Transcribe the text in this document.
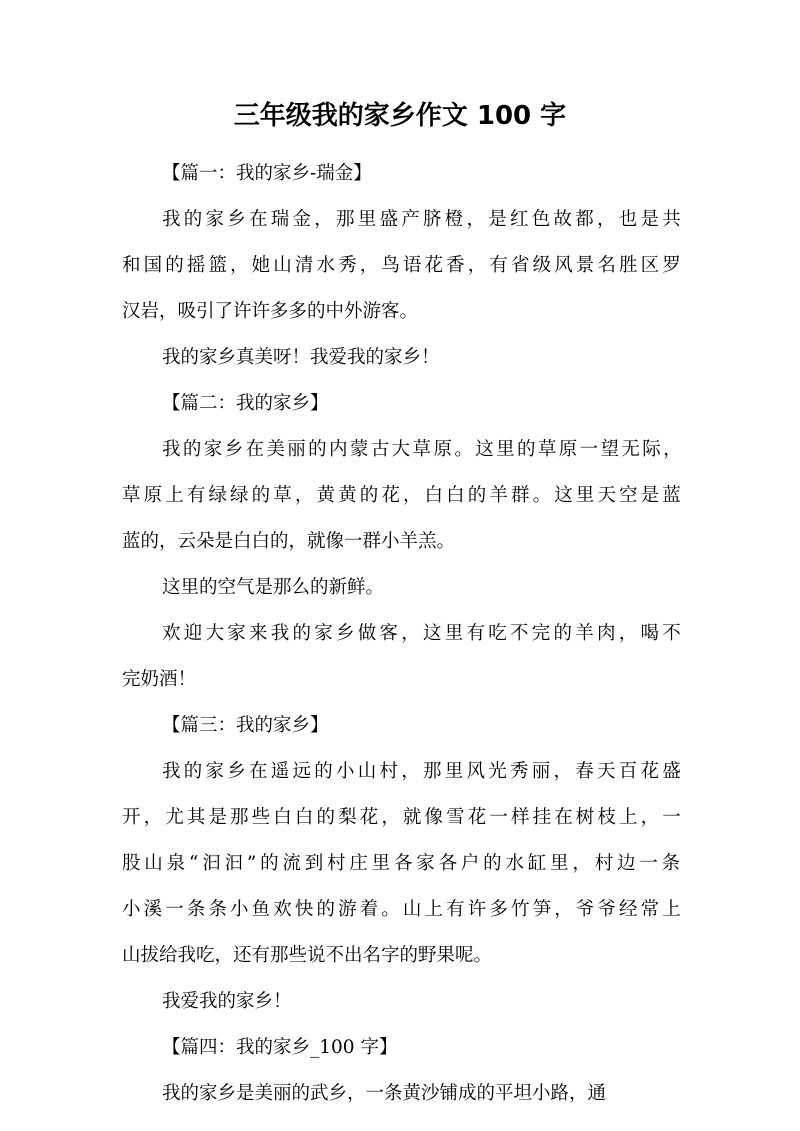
三年级我的家乡作文 100 字
【篇一：我的家乡-瑞金】
我的家乡在瑞金，那里盛产脐橙，是红色故都，也是共
和国的摇篮，她山清水秀，鸟语花香，有省级风景名胜区罗
汉岩，吸引了许许多多的中外游客。
我的家乡真美呀！我爱我的家乡！
【篇二：我的家乡】
我的家乡在美丽的内蒙古大草原。这里的草原一望无际，
草原上有绿绿的草，黄黄的花，白白的羊群。这里天空是蓝
蓝的，云朵是白白的，就像一群小羊羔。
这里的空气是那么的新鲜。
欢迎大家来我的家乡做客，这里有吃不完的羊肉，喝不
完奶酒！
【篇三：我的家乡】
我的家乡在遥远的小山村，那里风光秀丽，春天百花盛
开，尤其是那些白白的梨花，就像雪花一样挂在树枝上，一
股山泉“汩汩”的流到村庄里各家各户的水缸里，村边一条
小溪一条条小鱼欢快的游着。山上有许多竹笋，爷爷经常上
山拔给我吃，还有那些说不出名字的野果呢。
我爱我的家乡！
【篇四：我的家乡_100 字】
我的家乡是美丽的武乡，一条黄沙铺成的平坦小路，通
